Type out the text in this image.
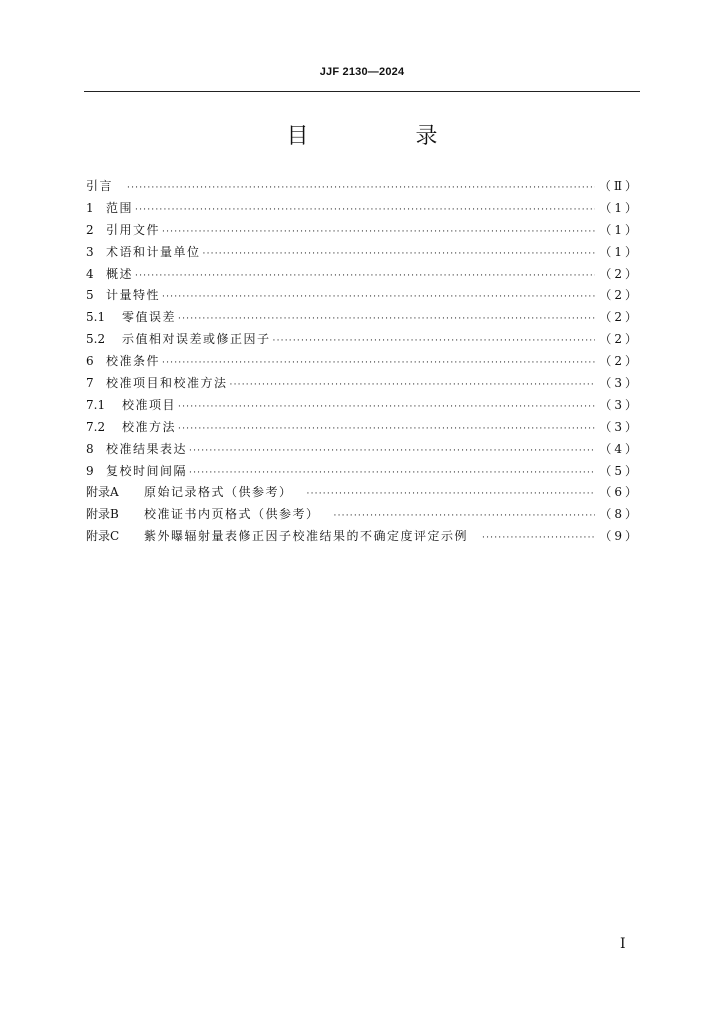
JJF 2130—2024
目 录
引言 ·····	（Ⅱ）
1	范围 ·····	（1）
2	引用文件 ·····	（1）
3	术语和计量单位 ·····	（1）
4	概述 ·····	（2）
5	计量特性 ·····	（2）
5.1	零值误差 ·····	（2）
5.2	示值相对误差或修正因子 ·····	（2）
6	校准条件 ·····	（2）
7	校准项目和校准方法 ·····	（3）
7.1	校准项目 ·····	（3）
7.2	校准方法 ·····	（3）
8	校准结果表达 ·····	（4）
9	复校时间间隔 ·····	（5）
附录A	原始记录格式（供参考） ·····	（6）
附录B	校准证书内页格式（供参考） ·····	（8）
附录C	紫外曝辐射量表修正因子校准结果的不确定度评定示例 ·····	（9）
I
